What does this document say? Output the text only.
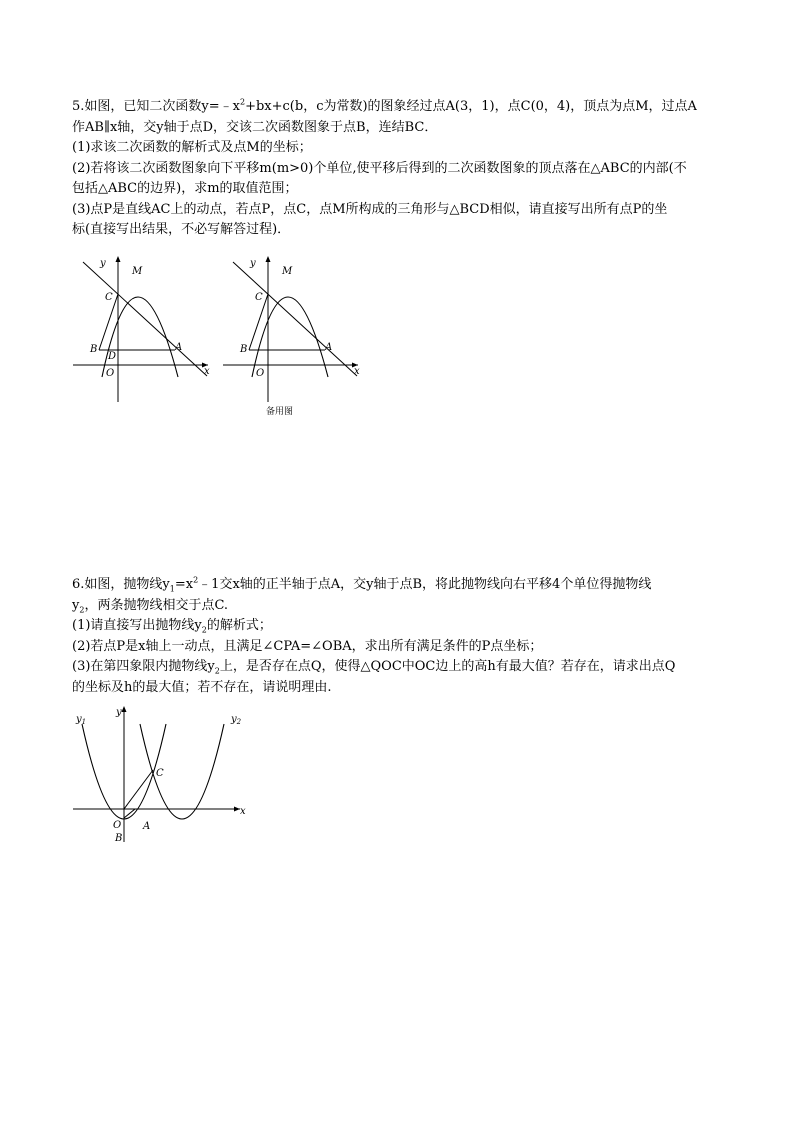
5.如图，已知二次函数$y=﹣x^2+bx+c(b$，c为常数)的图象经过点A(3，1)，点C(0，4)，顶点为点M，过点A

作AB∥x轴，交y轴于点D，交该二次函数图象于点B，连结BC．

(1)求该二次函数的解析式及点M的坐标；

(2)若将该二次函数图象向下平移m(m>0)个单位,使平移后得到的二次函数图象的顶点落在△ABC的内部(不

包括△ABC的边界)，求m的取值范围；

(3)点P是直线AC上的动点，若点P，点C，点M所构成的三角形与△BCD相似，请直接写出所有点P的坐

标(直接写出结果，不必写解答过程)．

y
M
C
B
D
A
O	x
y
M
C
B	A
O	x
备用图

6.如图，抛物线$y_1=x^2﹣1$交x轴的正半轴于点A，交y轴于点B，将此抛物线向右平移4个单位得抛物线

$y_2$，两条抛物线相交于点C.

(1)请直接写出抛物线$y_2$的解析式；

(2)若点P是x轴上一动点，且满足∠CPA=∠OBA，求出所有满足条件的P点坐标；

(3)在第四象限内抛物线$y_2$上，是否存在点Q，使得△QOC中OC边上的高h有最大值？若存在，请求出点Q

的坐标及h的最大值；若不存在，请说明理由.

$y_1$
y
$y_2$
C
x
O A
B
